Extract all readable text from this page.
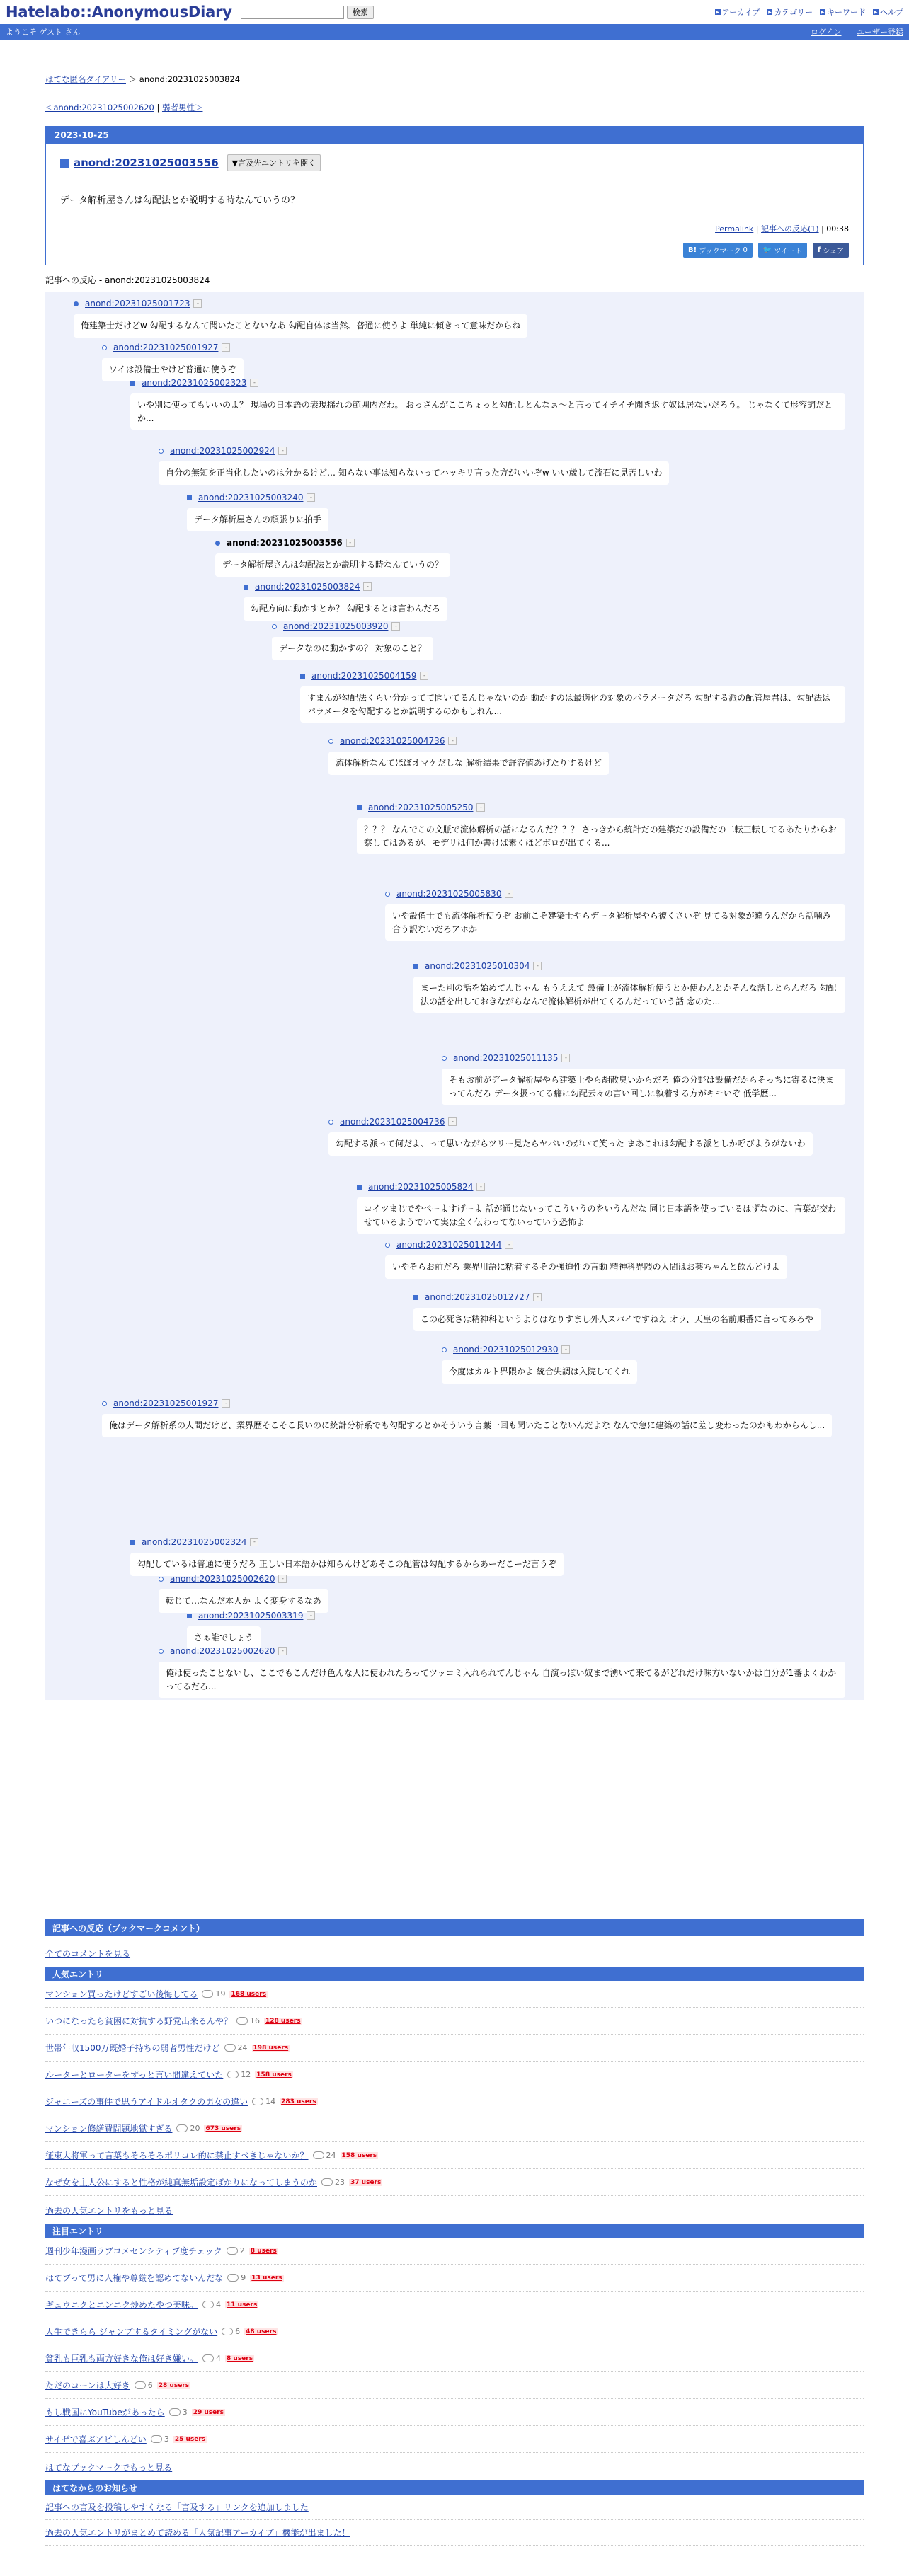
Hatelabo::AnonymousDiary	検索	▶ アーカイブ ▶ カテゴリー ▶ キーワード ▶ ヘルプ
ようこそ ゲスト さん	ログイン ユーザー登録
はてな匿名ダイアリー ＞ anond:20231025003824
＜anond:20231025002620 | 弱者男性＞
2023-10-25
anond:20231025003556	▼言及先エントリを開く
データ解析屋さんは勾配法とか説明する時なんていうの？
Permalink | 記事への反応(1) | 00:38
B! ブックマーク 0 🐦 ツイート f シェア
記事への反応 - anond:20231025003824
anond:20231025001723	-
俺建築士だけどw 勾配するなんて聞いたことないなあ 勾配自体は当然、普通に使うよ 単純に傾きって意味だからね
anond:20231025001927	-
ワイは設備士やけど普通に使うぞ
anond:20231025002323	-
いや別に使ってもいいのよ？ 現場の日本語の表現揺れの範囲内だわ。 おっさんがここちょっと勾配しとんなぁ〜と言ってイチイチ聞き返す奴は居ないだろう。 じゃなくて形容詞だとか...
anond:20231025002924	-
自分の無知を正当化したいのは分かるけど… 知らない事は知らないってハッキリ言った方がいいぞw いい歳して流石に見苦しいわ
anond:20231025003240	-
データ解析屋さんの頑張りに拍手
anond:20231025003556	-
データ解析屋さんは勾配法とか説明する時なんていうの？
anond:20231025003824	-
勾配方向に動かすとか？ 勾配するとは言わんだろ
anond:20231025003920	-
データなのに動かすの？ 対象のこと？
anond:20231025004159	-
すまんが勾配法くらい分かってて聞いてるんじゃないのか 動かすのは最適化の対象のパラメータだろ 勾配する派の配管屋君は、勾配法はパラメータを勾配するとか説明するのかもしれん...
anond:20231025004736	-
流体解析なんてほぼオマケだしな 解析結果で許容値あげたりするけど
anond:20231025005250	-
？？？ なんでこの文脈で流体解析の話になるんだ？？？ さっきから統計だの建築だの設備だの二転三転してるあたりからお察してはあるが、モデリは何か書けば素くほどボロが出てくる...
anond:20231025005830	-
いや設備士でも流体解析使うぞ お前こそ建築士やらデータ解析屋やら被くさいぞ 見てる対象が違うんだから話噛み合う訳ないだろアホか
anond:20231025010304	-
まーた別の話を始めてんじゃん もうええて 設備士が流体解析使うとか使わんとかそんな話しとらんだろ 勾配法の話を出しておきながらなんで流体解析が出てくるんだっていう話 念のた...
anond:20231025011135	-
そもお前がデータ解析屋やら建築士やら胡散臭いからだろ 俺の分野は設備だからそっちに寄るに決まってんだろ データ扱ってる癖に勾配云々の言い回しに執着する方がキモいぞ 低学歴...
anond:20231025004736	-
勾配する派って何だよ、って思いながらツリー見たらヤバいのがいて笑った まあこれは勾配する派としか呼びようがないわ
anond:20231025005824	-
コイツまじでやべーよすげーよ 話が通じないってこういうのをいうんだな 同じ日本語を使っているはずなのに、言葉が交わせているようでいて実は全く伝わってないっていう恐怖よ
anond:20231025011244	-
いやそらお前だろ 業界用語に粘着するその強迫性の言動 精神科界隈の人間はお薬ちゃんと飲んどけよ
anond:20231025012727	-
この必死さは精神科というよりはなりすまし外人スパイですねえ オラ、天皇の名前順番に言ってみろや
anond:20231025012930	-
今度はカルト界隈かよ 統合失調は入院してくれ
anond:20231025001927	-
俺はデータ解析系の人間だけど、業界歴そこそこ長いのに統計分析系でも勾配するとかそういう言葉一回も聞いたことないんだよな なんで急に建築の話に差し変わったのかもわからんし...
anond:20231025002324	-
勾配しているは普通に使うだろ 正しい日本語かは知らんけどあそこの配管は勾配するからあーだこーだ言うぞ
anond:20231025002620	-
転じて…なんだ本人か よく変身するなあ
anond:20231025003319	-
さぁ誰でしょう
anond:20231025002620	-
俺は使ったことないし、ここでもこんだけ色んな人に使われたろってツッコミ入れられてんじゃん 自演っぽい奴まで湧いて来てるがどれだけ味方いないかは自分が1番よくわかってるだろ...
記事への反応（ブックマークコメント）
全てのコメントを見る
人気エントリ
マンション買ったけどすごい後悔してる 19 168 users
いつになったら貧困に対抗する野党出来るんや？ 16 128 users
世帯年収1500万既婚子持ちの弱者男性だけど 24 198 users
ルーターとローターをずっと言い間違えていた 12 158 users
ジャニーズの事件で思うアイドルオタクの男女の違い 14 283 users
マンション修繕費問題地獄すぎる 20 673 users
征東大将軍って言葉もそろそろポリコレ的に禁止すべきじゃないか？ 24 158 users
なぜ女を主人公にすると性格が純真無垢設定ばかりになってしまうのか 23 37 users
過去の人気エントリをもっと見る
注目エントリ
週刊少年漫画ラブコメセンシティブ度チェック 2 8 users
はてブって男に人権や尊厳を認めてないんだな 9 13 users
ギュウニクとニンニク炒めたやつ美味。 4 11 users
人生できらら ジャンプするタイミングがない 6 48 users
貧乳も巨乳も両方好きな俺は好き嫌い。 4 8 users
ただのコーンは大好き 6 28 users
もし戦国にYouTubeがあったら 3 29 users
サイゼで喜ぶアビしんどい 3 25 users
はてなブックマークでもっと見る
はてなからのお知らせ
記事への言及を投稿しやすくなる「言及する」リンクを追加しました
過去の人気エントリがまとめて読める「人気記事アーカイブ」機能が出ました！
